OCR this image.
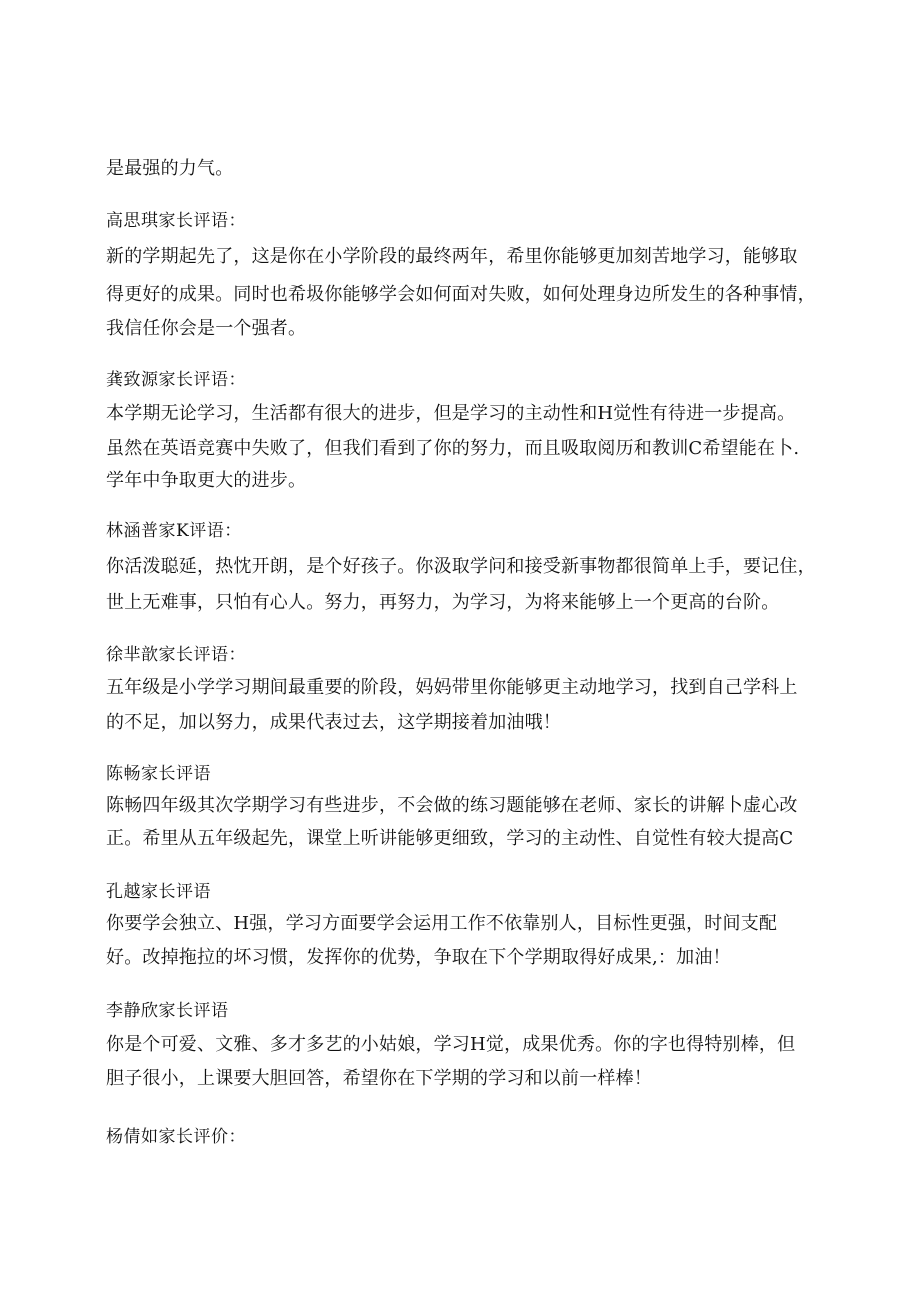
是最强的力气。
高思琪家长评语：
新的学期起先了，这是你在小学阶段的最终两年，希里你能够更加刻苦地学习，能够取
得更好的成果。同时也希圾你能够学会如何面对失败，如何处理身边所发生的各种事情，
我信任你会是一个强者。
龚致源家长评语：
本学期无论学习，生活都有很大的进步，但是学习的主动性和H觉性有待进一步提高。
虽然在英语竞赛中失败了，但我们看到了你的努力，而且吸取阅历和教训C希望能在卜.
学年中争取更大的进步。
林涵普家K评语：
你活泼聪延，热忱开朗，是个好孩子。你汲取学问和接受新事物都很简单上手，要记住，
世上无难事，只怕有心人。努力，再努力，为学习，为将来能够上一个更高的台阶。
徐芈歆家长评语：
五年级是小学学习期间最重要的阶段，妈妈带里你能够更主动地学习，找到自己学科上
的不足，加以努力，成果代表过去，这学期接着加油哦！
陈畅家长评语
陈畅四年级其次学期学习有些进步，不会做的练习题能够在老师、家长的讲解卜虚心改
正。希里从五年级起先，课堂上听讲能够更细致，学习的主动性、自觉性有较大提高C
孔越家长评语
你要学会独立、H强，学习方面要学会运用工作不依靠别人，目标性更强，时间支配
好。改掉拖拉的坏习惯，发挥你的优势，争取在下个学期取得好成果,：加油！
李静欣家长评语
你是个可爱、文雅、多才多艺的小姑娘，学习H觉，成果优秀。你的字也得特别棒，但
胆子很小，上课要大胆回答，希望你在下学期的学习和以前一样棒！
杨倩如家长评价：
